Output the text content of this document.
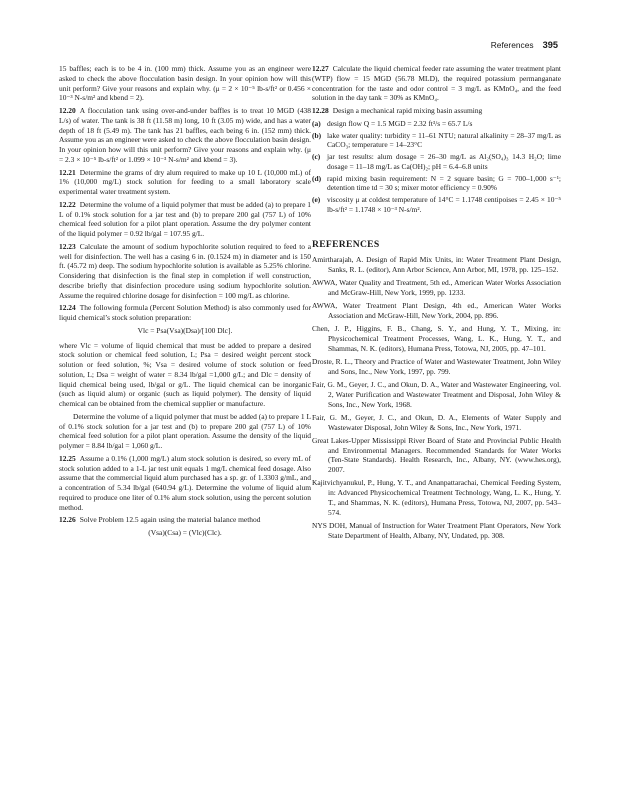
References 395

15 baffles; each is to be 4 in. (100 mm) thick. Assume you as an engineer were asked to check the above flocculation basin design. In your opinion how will this unit perform? Give your reasons and explain why. (μ = 2 × 10⁻⁵ lb-s/ft² or 0.456 × 10⁻³ N-s/m² and kbend = 2).

12.20 A flocculation tank using over-and-under baffles is to treat 10 MGD (438 L/s) of water. The tank is 38 ft (11.58 m) long, 10 ft (3.05 m) wide, and has a water depth of 18 ft (5.49 m). The tank has 21 baffles, each being 6 in. (152 mm) thick. Assume you as an engineer were asked to check the above flocculation basin design. In your opinion how will this unit perform? Give your reasons and explain why. (μ = 2.3 × 10⁻⁵ lb-s/ft² or 1.099 × 10⁻³ N-s/m² and kbend = 3).

12.21 Determine the grams of dry alum required to make up 10 L (10,000 mL) of 1% (10,000 mg/L) stock solution for feeding to a small laboratory scale experimental water treatment system.

12.22 Determine the volume of a liquid polymer that must be added (a) to prepare 1 L of 0.1% stock solution for a jar test and (b) to prepare 200 gal (757 L) of 10% chemical feed solution for a pilot plant operation. Assume the dry polymer content of the liquid polymer = 0.92 lb/gal = 107.95 g/L.

12.23 Calculate the amount of sodium hypochlorite solution required to feed to a well for disinfection. The well has a casing 6 in. (0.1524 m) in diameter and is 150 ft. (45.72 m) deep. The sodium hypochlorite solution is available as 5.25% chlorine. Considering that disinfection is the final step in completion if well construction, describe briefly that disinfection procedure using sodium hypochlorite solution. Assume the required chlorine dosage for disinfection = 100 mg/L as chlorine.

12.24 The following formula (Percent Solution Method) is also commonly used for liquid chemical’s stock solution preparation:

Vlc = Psa(Vsa)(Dsa)/[100 Dlc].

where Vlc = volume of liquid chemical that must be added to prepare a desired stock solution or chemical feed solution, L; Psa = desired weight percent stock solution or feed solution, %; Vsa = desired volume of stock solution or feed solution, L; Dsa = weight of water = 8.34 lb/gal =1,000 g/L; and Dlc = density of liquid chemical being used, lb/gal or g/L. The liquid chemical can be inorganic (such as liquid alum) or organic (such as liquid polymer). The density of liquid chemical can be obtained from the chemical supplier or manufacture.

Determine the volume of a liquid polymer that must be added (a) to prepare 1 L of 0.1% stock solution for a jar test and (b) to prepare 200 gal (757 L) of 10% chemical feed solution for a pilot plant operation. Assume the density of the liquid polymer = 8.84 lb/gal = 1,060 g/L.

12.25 Assume a 0.1% (1,000 mg/L) alum stock solution is desired, so every mL of stock solution added to a 1-L jar test unit equals 1 mg/L chemical feed dosage. Also assume that the commercial liquid alum purchased has a sp. gr. of 1.3303 g/mL, and a concentration of 5.34 lb/gal (640.94 g/L). Determine the volume of liquid alum required to produce one liter of 0.1% alum stock solution, using the percent solution method.

12.26 Solve Problem 12.5 again using the material balance method

(Vsa)(Csa) = (Vlc)(Clc).

12.27 Calculate the liquid chemical feeder rate assuming the water treatment plant (WTP) flow = 15 MGD (56.78 MLD), the required potassium permanganate concentration for the taste and odor control = 3 mg/L as KMnO₄, and the feed solution in the day tank = 30% as KMnO₄.

12.28 Design a mechanical rapid mixing basin assuming

(a) design flow Q = 1.5 MGD = 2.32 ft³/s = 65.7 L/s
(b) lake water quality: turbidity = 11–61 NTU; natural alkalinity = 28–37 mg/L as CaCO₃; temperature = 14–23°C
(c) jar test results: alum dosage = 26–30 mg/L as Al₂(SO₄)₃ 14.3 H₂O; lime dosage = 11–18 mg/L as Ca(OH)₂; pH = 6.4–6.8 units
(d) rapid mixing basin requirement: N = 2 square basin; G = 700–1,000 s⁻¹; detention time td = 30 s; mixer motor efficiency = 0.90%
(e) viscosity μ at coldest temperature of 14°C = 1.1748 centipoises = 2.45 × 10⁻⁵ lb-s/ft² = 1.1748 × 10⁻³ N-s/m².
REFERENCES

Amirtharajah, A. Design of Rapid Mix Units, in: Water Treatment Plant Design, Sanks, R. L. (editor), Ann Arbor Science, Ann Arbor, MI, 1978, pp. 125–152.

AWWA, Water Quality and Treatment, 5th ed., American Water Works Association and McGraw-Hill, New York, 1999, pp. 1233.

AWWA, Water Treatment Plant Design, 4th ed., American Water Works Association and McGraw-Hill, New York, 2004, pp. 896.

Chen, J. P., Higgins, F. B., Chang, S. Y., and Hung, Y. T., Mixing, in: Physicochemical Treatment Processes, Wang, L. K., Hung, Y. T., and Shammas, N. K. (editors), Humana Press, Totowa, NJ, 2005, pp. 47–101.

Droste, R. L., Theory and Practice of Water and Wastewater Treatment, John Wiley and Sons, Inc., New York, 1997, pp. 799.

Fair, G. M., Geyer, J. C., and Okun, D. A., Water and Wastewater Engineering, vol. 2, Water Purification and Wastewater Treatment and Disposal, John Wiley & Sons, Inc., New York, 1968.

Fair, G. M., Geyer, J. C., and Okun, D. A., Elements of Water Supply and Wastewater Disposal, John Wiley & Sons, Inc., New York, 1971.

Great Lakes-Upper Mississippi River Board of State and Provincial Public Health and Environmental Managers. Recommended Standards for Water Works (Ten-State Standards). Health Research, Inc., Albany, NY. (www.hes.org), 2007.

Kajitvichyanukul, P., Hung, Y. T., and Ananpattarachai, Chemical Feeding System, in: Advanced Physicochemical Treatment Technology, Wang, L. K., Hung, Y. T., and Shammas, N. K. (editors), Humana Press, Totowa, NJ, 2007, pp. 543–574.

NYS DOH, Manual of Instruction for Water Treatment Plant Operators, New York State Department of Health, Albany, NY, Undated, pp. 308.
